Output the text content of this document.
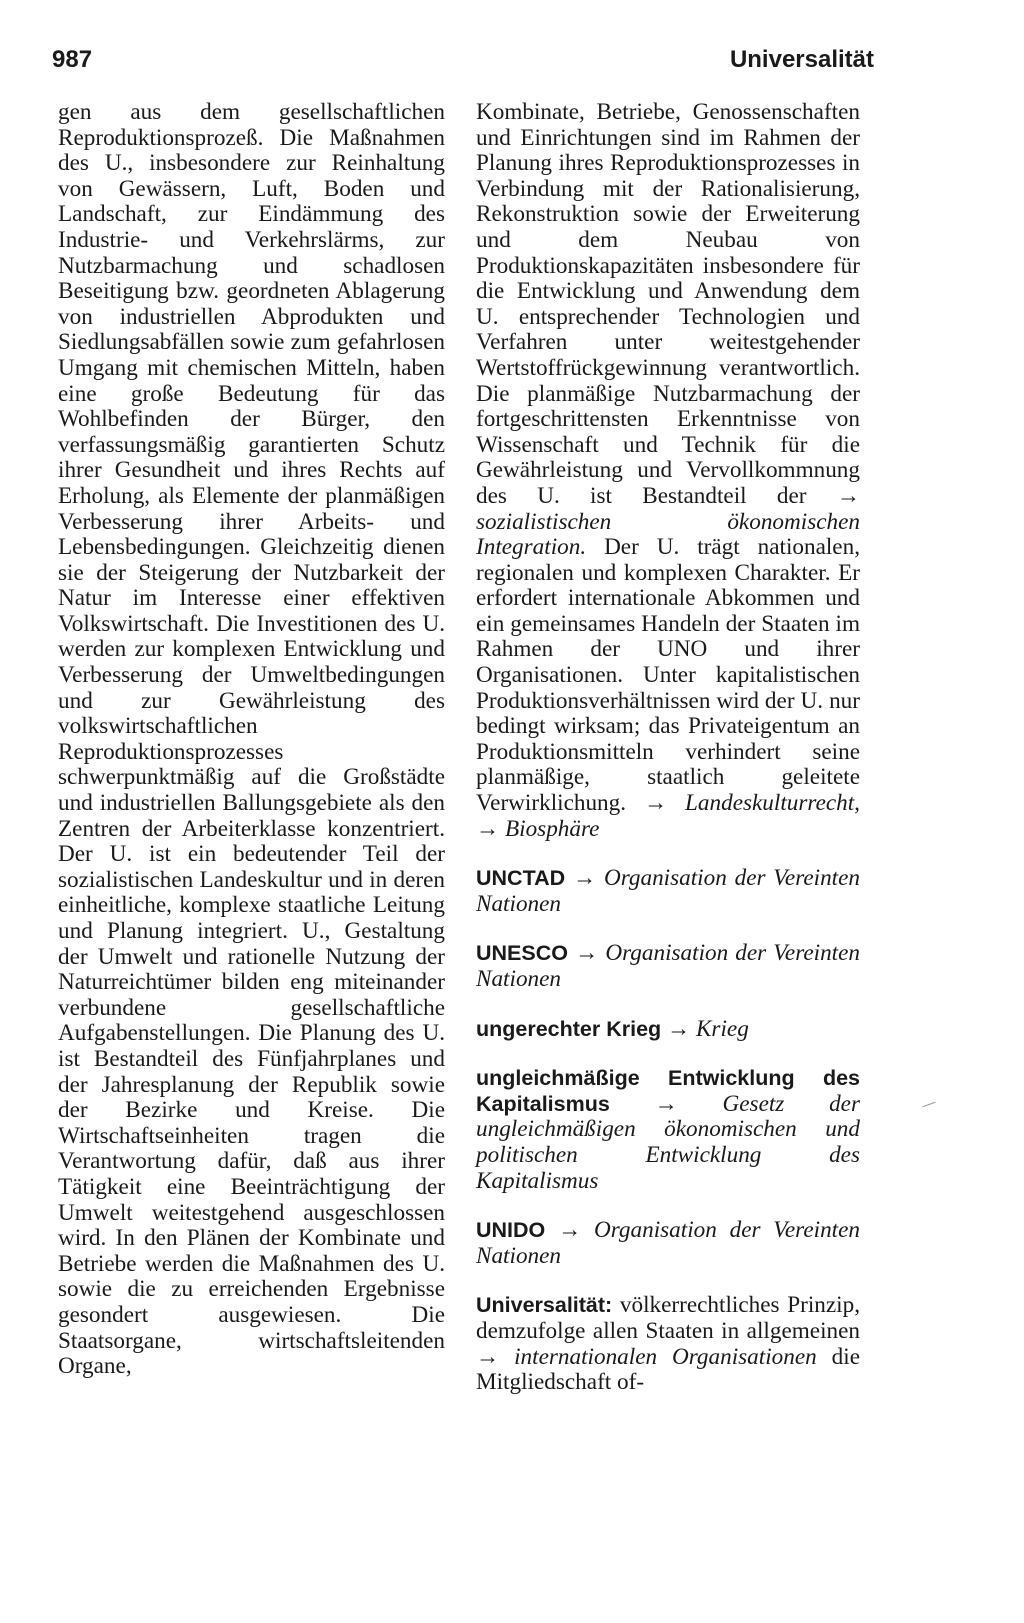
987	Universalität

gen aus dem gesellschaftlichen Reproduktionsprozeß. Die Maßnahmen des U., insbesondere zur Reinhaltung von Gewässern, Luft, Boden und Landschaft, zur Eindämmung des Industrie- und Verkehrslärms, zur Nutzbarmachung und schadlosen Beseitigung bzw. geordneten Ablagerung von industriellen Abprodukten und Siedlungsabfällen sowie zum gefahrlosen Umgang mit chemischen Mitteln, haben eine große Bedeutung für das Wohlbefinden der Bürger, den verfassungsmäßig garantierten Schutz ihrer Gesundheit und ihres Rechts auf Erholung, als Elemente der planmäßigen Verbesserung ihrer Arbeits- und Lebensbedingungen. Gleichzeitig dienen sie der Steigerung der Nutzbarkeit der Natur im Interesse einer effektiven Volkswirtschaft. Die Investitionen des U. werden zur komplexen Entwicklung und Verbesserung der Umweltbedingungen und zur Gewährleistung des volkswirtschaftlichen Reproduktionsprozesses schwerpunktmäßig auf die Großstädte und industriellen Ballungsgebiete als den Zentren der Arbeiterklasse konzentriert. Der U. ist ein bedeutender Teil der sozialistischen Landeskultur und in deren einheitliche, komplexe staatliche Leitung und Planung integriert. U., Gestaltung der Umwelt und rationelle Nutzung der Naturreichtümer bilden eng miteinander verbundene gesellschaftliche Aufgabenstellungen. Die Planung des U. ist Bestandteil des Fünfjahrplanes und der Jahresplanung der Republik sowie der Bezirke und Kreise. Die Wirtschaftseinheiten tragen die Verantwortung dafür, daß aus ihrer Tätigkeit eine Beeinträchtigung der Umwelt weitestgehend ausgeschlossen wird. In den Plänen der Kombinate und Betriebe werden die Maßnahmen des U. sowie die zu erreichenden Ergebnisse gesondert ausgewiesen. Die Staatsorgane, wirtschaftsleitenden Organe,

Kombinate, Betriebe, Genossenschaften und Einrichtungen sind im Rahmen der Planung ihres Reproduktionsprozesses in Verbindung mit der Rationalisierung, Rekonstruktion sowie der Erweiterung und dem Neubau von Produktionskapazitäten insbesondere für die Entwicklung und Anwendung dem U. entsprechender Technologien und Verfahren unter weitestgehender Wertstoffrückgewinnung verantwortlich. Die planmäßige Nutzbarmachung der fortgeschrittensten Erkenntnisse von Wissenschaft und Technik für die Gewährleistung und Vervollkommnung des U. ist Bestandteil der → sozialistischen ökonomischen Integration. Der U. trägt nationalen, regionalen und komplexen Charakter. Er erfordert internationale Abkommen und ein gemeinsames Handeln der Staaten im Rahmen der UNO und ihrer Organisationen. Unter kapitalistischen Produktionsverhältnissen wird der U. nur bedingt wirksam; das Privateigentum an Produktionsmitteln verhindert seine planmäßige, staatlich geleitete Verwirklichung. → Landeskulturrecht, → Biosphäre

UNCTAD → Organisation der Vereinten Nationen

UNESCO → Organisation der Vereinten Nationen

ungerechter Krieg → Krieg

ungleichmäßige Entwicklung des Kapitalismus → Gesetz der ungleichmäßigen ökonomischen und politischen Entwicklung des Kapitalismus

UNIDO → Organisation der Vereinten Nationen

Universalität: völkerrechtliches Prinzip, demzufolge allen Staaten in allgemeinen → internationalen Organisationen die Mitgliedschaft of-
